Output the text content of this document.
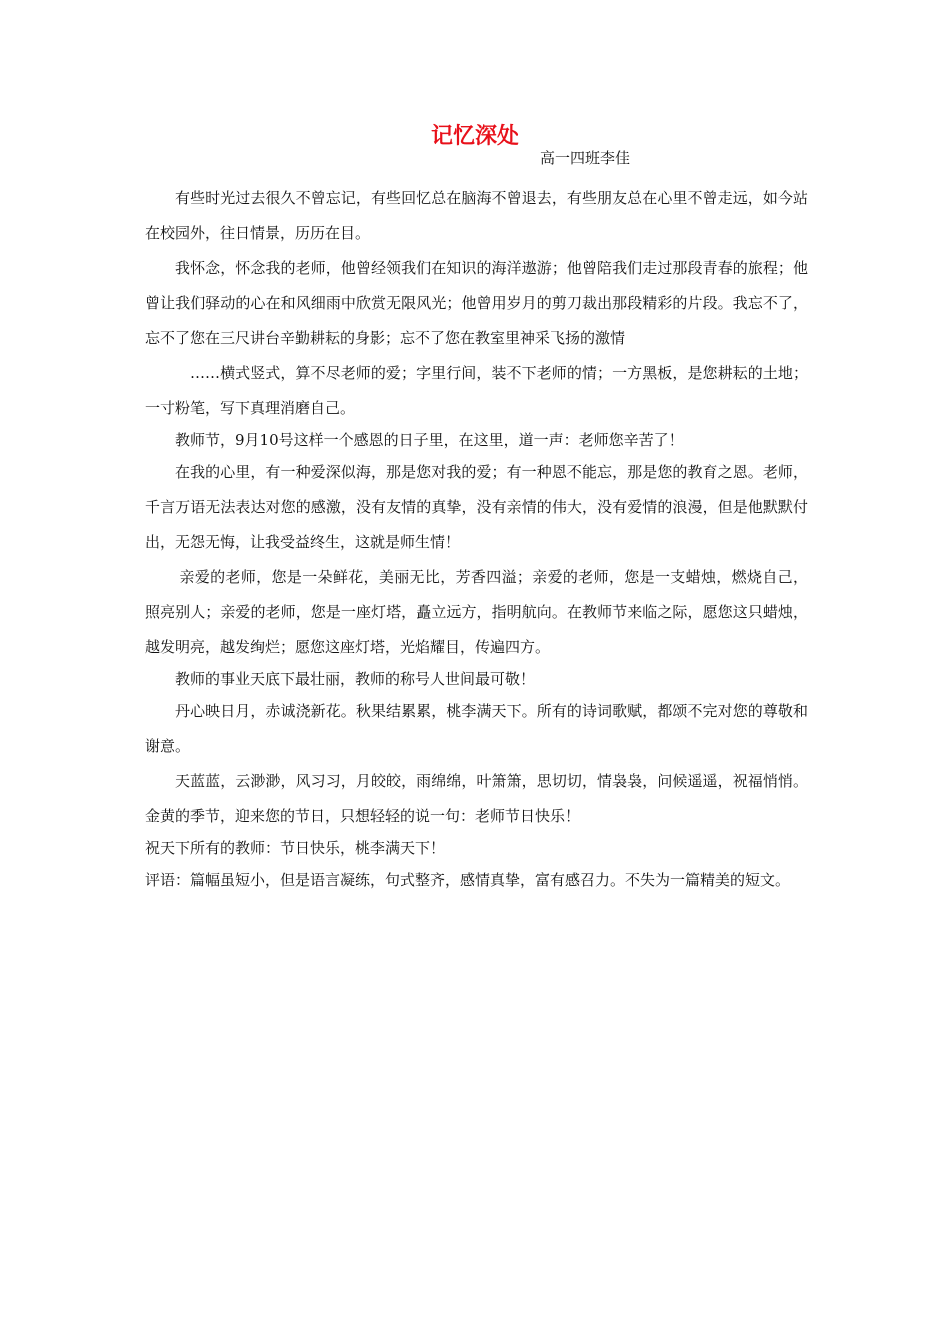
记忆深处
高一四班李佳

有些时光过去很久不曾忘记，有些回忆总在脑海不曾退去，有些朋友总在心里不曾走远，如今站在校园外，往日情景，历历在目。

我怀念，怀念我的老师，他曾经领我们在知识的海洋遨游；他曾陪我们走过那段青春的旅程；他曾让我们驿动的心在和风细雨中欣赏无限风光；他曾用岁月的剪刀裁出那段精彩的片段。我忘不了，忘不了您在三尺讲台辛勤耕耘的身影；忘不了您在教室里神采飞扬的激情

……横式竖式，算不尽老师的爱；字里行间，装不下老师的情；一方黑板，是您耕耘的土地；一寸粉笔，写下真理消磨自己。

教师节，9月10号这样一个感恩的日子里，在这里，道一声：老师您辛苦了！

在我的心里，有一种爱深似海，那是您对我的爱；有一种恩不能忘，那是您的教育之恩。老师，千言万语无法表达对您的感激，没有友情的真挚，没有亲情的伟大，没有爱情的浪漫，但是他默默付出，无怨无悔，让我受益终生，这就是师生情！

亲爱的老师，您是一朵鲜花，美丽无比，芳香四溢；亲爱的老师，您是一支蜡烛，燃烧自己，照亮别人；亲爱的老师，您是一座灯塔，矗立远方，指明航向。在教师节来临之际，愿您这只蜡烛，越发明亮，越发绚烂；愿您这座灯塔，光焰耀目，传遍四方。

教师的事业天底下最壮丽，教师的称号人世间最可敬！

丹心映日月，赤诚浇新花。秋果结累累，桃李满天下。所有的诗词歌赋，都颂不完对您的尊敬和谢意。

天蓝蓝，云渺渺，风习习，月皎皎，雨绵绵，叶箫箫，思切切，情袅袅，问候遥遥，祝福悄悄。金黄的季节，迎来您的节日，只想轻轻的说一句：老师节日快乐！

祝天下所有的教师：节日快乐，桃李满天下！

评语：篇幅虽短小，但是语言凝练，句式整齐，感情真挚，富有感召力。不失为一篇精美的短文。
